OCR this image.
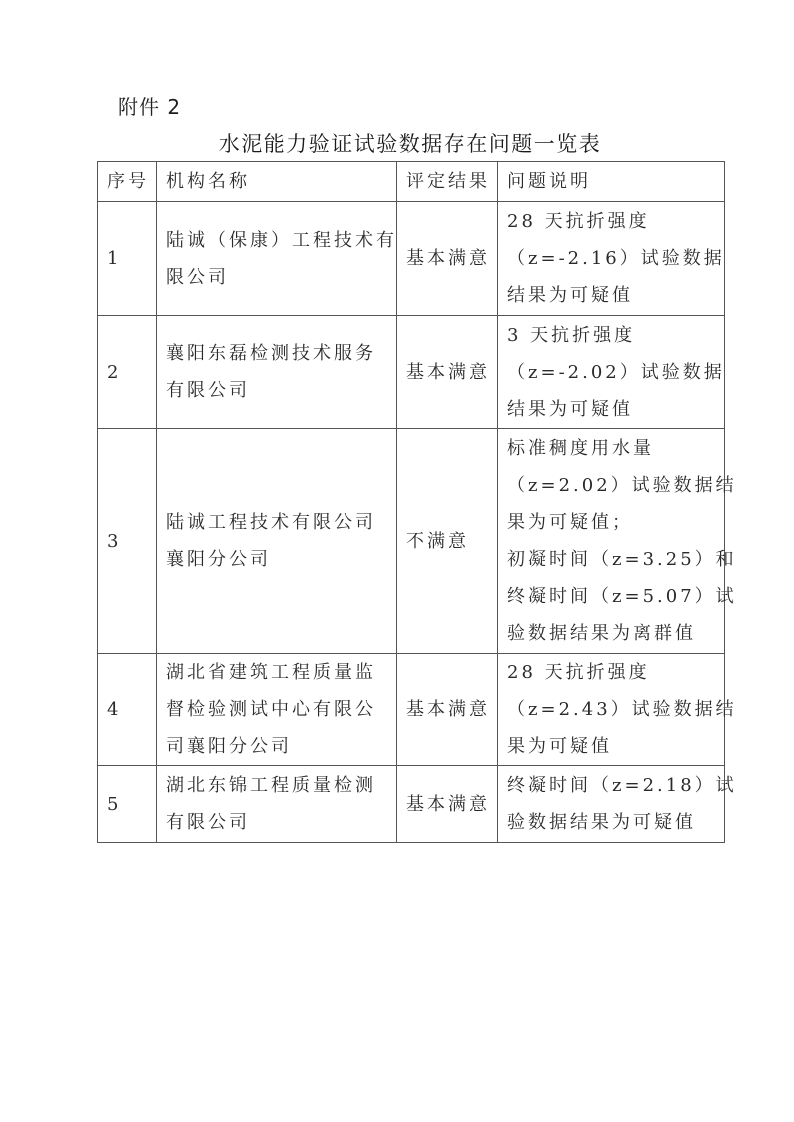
附件 2
水泥能力验证试验数据存在问题一览表
序号	机构名称	评定结果	问题说明
1	陆诚（保康）工程技术有
限公司	基本满意	28 天抗折强度
（z=-2.16）试验数据
结果为可疑值

2	襄阳东磊检测技术服务
有限公司	基本满意	3 天抗折强度
（z=-2.02）试验数据
结果为可疑值

3	
陆诚工程技术有限公司
襄阳分公司
	不满意	
标准稠度用水量
（z=2.02）试验数据结
果为可疑值；
初凝时间（z=3.25）和
终凝时间（z=5.07）试
验数据结果为离群值

4	湖北省建筑工程质量监
督检验测试中心有限公
司襄阳分公司	基本满意	28 天抗折强度
（z=2.43）试验数据结
果为可疑值

5	湖北东锦工程质量检测
有限公司	基本满意	终凝时间（z=2.18）试
验数据结果为可疑值
